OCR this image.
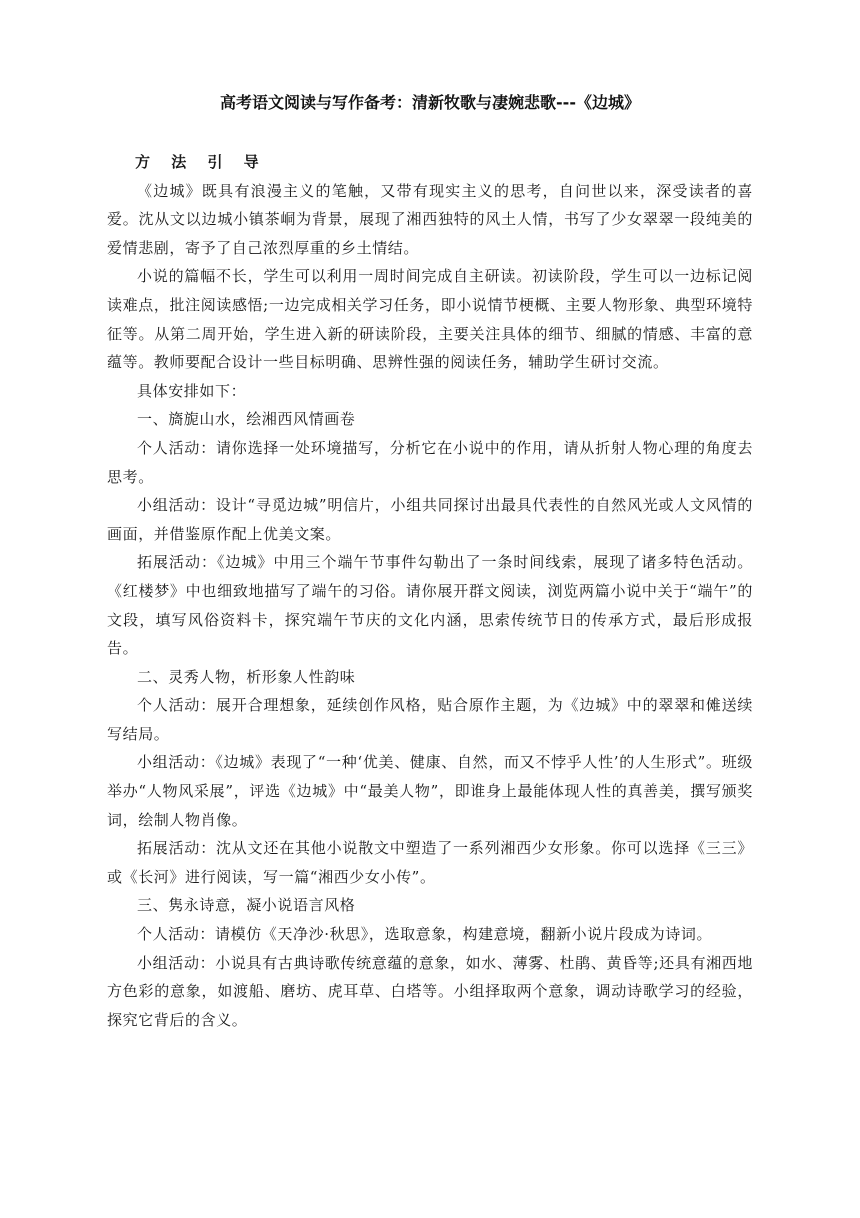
高考语文阅读与写作备考：清新牧歌与凄婉悲歌---《边城》
方 法 引 导

《边城》既具有浪漫主义的笔触，又带有现实主义的思考，自问世以来，深受读者的喜爱。沈从文以边城小镇茶峒为背景，展现了湘西独特的风土人情，书写了少女翠翠一段纯美的爱情悲剧，寄予了自己浓烈厚重的乡土情结。

小说的篇幅不长，学生可以利用一周时间完成自主研读。初读阶段，学生可以一边标记阅读难点，批注阅读感悟;一边完成相关学习任务，即小说情节梗概、主要人物形象、典型环境特征等。从第二周开始，学生进入新的研读阶段，主要关注具体的细节、细腻的情感、丰富的意蕴等。教师要配合设计一些目标明确、思辨性强的阅读任务，辅助学生研讨交流。

具体安排如下：

一、旖旎山水，绘湘西风情画卷

个人活动：请你选择一处环境描写，分析它在小说中的作用，请从折射人物心理的角度去思考。

小组活动：设计“寻觅边城”明信片，小组共同探讨出最具代表性的自然风光或人文风情的画面，并借鉴原作配上优美文案。

拓展活动：《边城》中用三个端午节事件勾勒出了一条时间线索，展现了诸多特色活动。《红楼梦》中也细致地描写了端午的习俗。请你展开群文阅读，浏览两篇小说中关于“端午”的文段，填写风俗资料卡，探究端午节庆的文化内涵，思索传统节日的传承方式，最后形成报告。

二、灵秀人物，析形象人性韵味

个人活动：展开合理想象，延续创作风格，贴合原作主题，为《边城》中的翠翠和傩送续写结局。

小组活动：《边城》表现了“一种‘优美、健康、自然，而又不悖乎人性’的人生形式”。班级举办“人物风采展”，评选《边城》中“最美人物”，即谁身上最能体现人性的真善美，撰写颁奖词，绘制人物肖像。

拓展活动：沈从文还在其他小说散文中塑造了一系列湘西少女形象。你可以选择《三三》或《长河》进行阅读，写一篇“湘西少女小传”。

三、隽永诗意，凝小说语言风格

个人活动：请模仿《天净沙·秋思》，选取意象，构建意境，翻新小说片段成为诗词。

小组活动：小说具有古典诗歌传统意蕴的意象，如水、薄雾、杜鹃、黄昏等;还具有湘西地方色彩的意象，如渡船、磨坊、虎耳草、白塔等。小组择取两个意象，调动诗歌学习的经验，探究它背后的含义。
